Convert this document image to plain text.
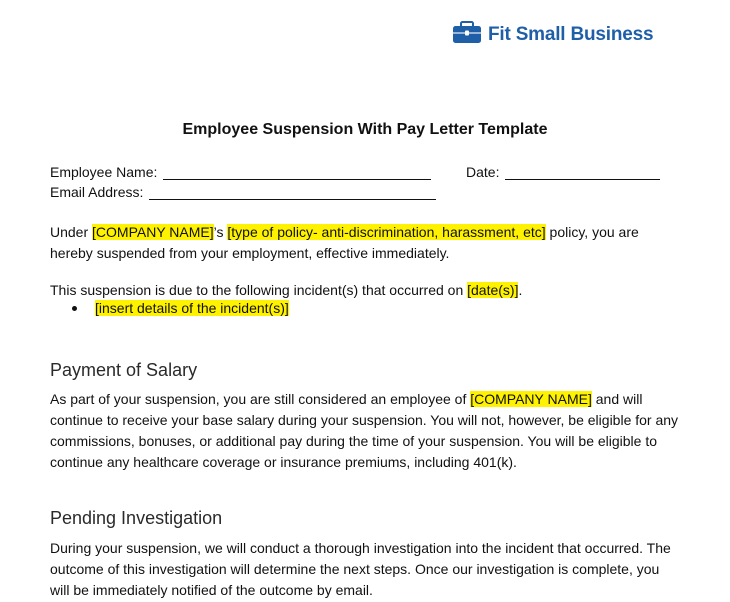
Fit Small Business
Employee Suspension With Pay Letter Template
Employee Name:	Date:
Email Address:

Under [COMPANY NAME]’s [type of policy- anti-discrimination, harassment, etc] policy, you are hereby suspended from your employment, effective immediately.

This suspension is due to the following incident(s) that occurred on [date(s)].

[insert details of the incident(s)]
Payment of Salary

As part of your suspension, you are still considered an employee of [COMPANY NAME] and will continue to receive your base salary during your suspension. You will not, however, be eligible for any commissions, bonuses, or additional pay during the time of your suspension. You will be eligible to continue any healthcare coverage or insurance premiums, including 401(k).

Pending Investigation

During your suspension, we will conduct a thorough investigation into the incident that occurred. The outcome of this investigation will determine the next steps. Once our investigation is complete, you will be immediately notified of the outcome by email.
